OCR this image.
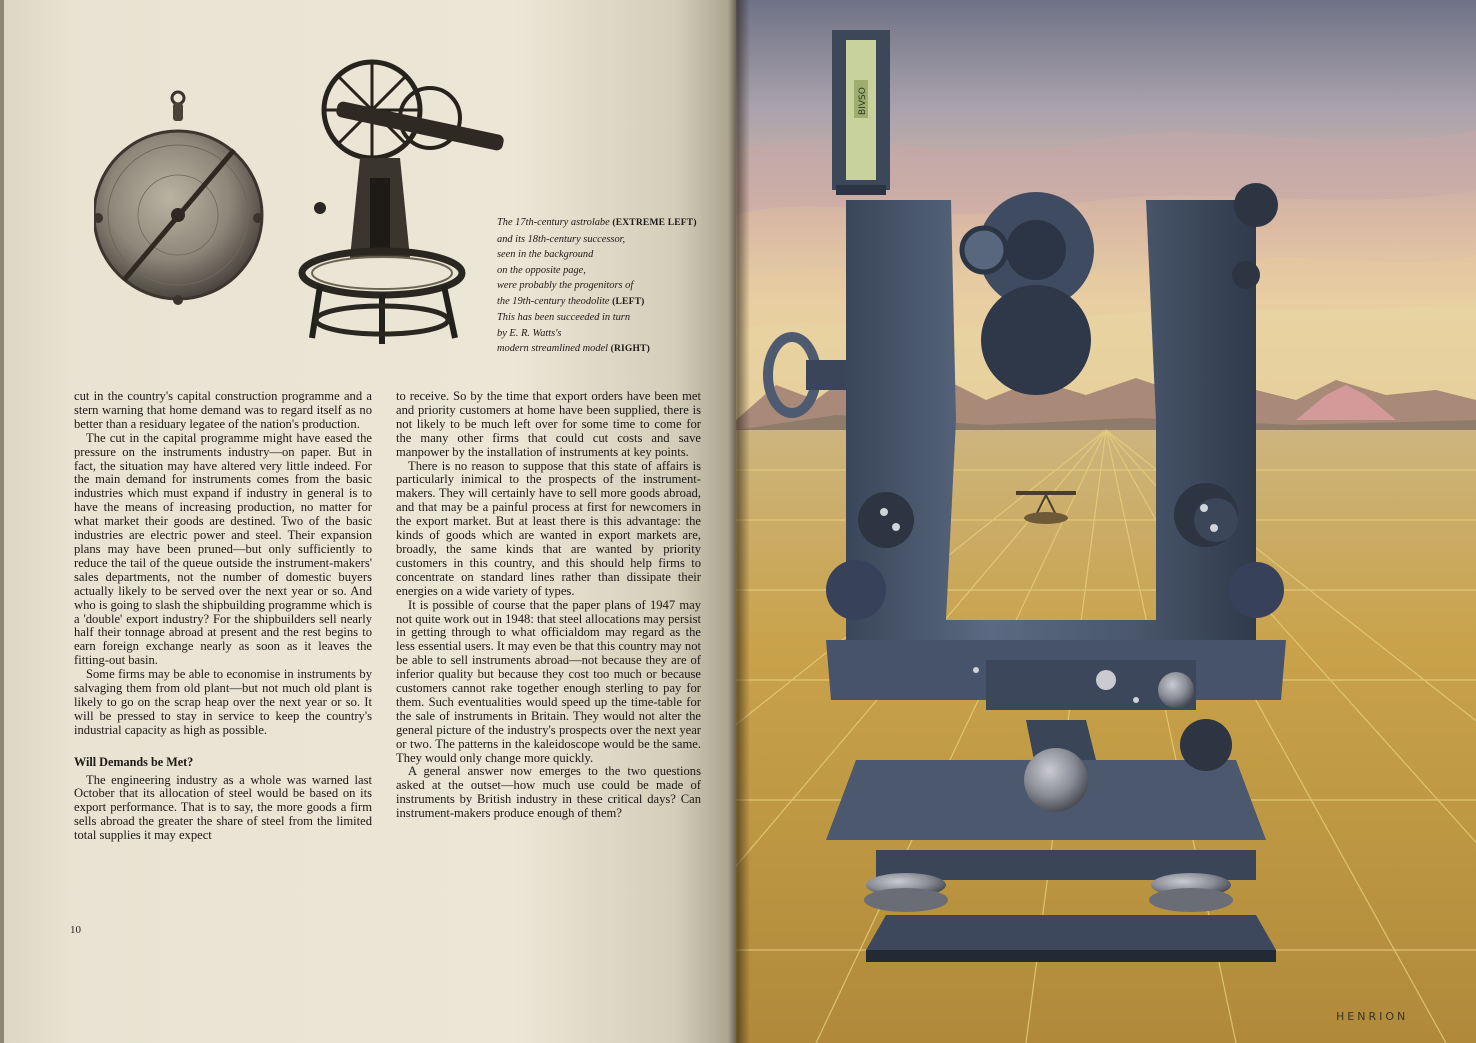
The 17th-century astrolabe (EXTREME LEFT)

and its 18th-century successor,

seen in the background

on the opposite page,

were probably the progenitors of

the 19th-century theodolite (LEFT)

This has been succeeded in turn

by E. R. Watts's

modern streamlined model (RIGHT)

cut in the country's capital construction programme and a stern warning that home demand was to regard itself as no better than a residuary legatee of the nation's production.

The cut in the capital programme might have eased the pressure on the instruments industry—on paper. But in fact, the situation may have altered very little indeed. For the main demand for instruments comes from the basic industries which must expand if industry in general is to have the means of increasing production, no matter for what market their goods are destined. Two of the basic industries are electric power and steel. Their expansion plans may have been pruned—but only sufficiently to reduce the tail of the queue outside the instrument-makers' sales departments, not the number of domestic buyers actually likely to be served over the next year or so. And who is going to slash the shipbuilding programme which is a 'double' export industry? For the shipbuilders sell nearly half their tonnage abroad at present and the rest begins to earn foreign exchange nearly as soon as it leaves the fitting-out basin.

Some firms may be able to economise in instruments by salvaging them from old plant—but not much old plant is likely to go on the scrap heap over the next year or so. It will be pressed to stay in service to keep the country's industrial capacity as high as possible.

Will Demands be Met?

The engineering industry as a whole was warned last October that its allocation of steel would be based on its export performance. That is to say, the more goods a firm sells abroad the greater the share of steel from the limited total supplies it may expect

to receive. So by the time that export orders have been met and priority customers at home have been supplied, there is not likely to be much left over for some time to come for the many other firms that could cut costs and save manpower by the installation of instruments at key points.

There is no reason to suppose that this state of affairs is particularly inimical to the prospects of the instrument-makers. They will certainly have to sell more goods abroad, and that may be a painful process at first for newcomers in the export market. But at least there is this advantage: the kinds of goods which are wanted in export markets are, broadly, the same kinds that are wanted by priority customers in this country, and this should help firms to concentrate on standard lines rather than dissipate their energies on a wide variety of types.

It is possible of course that the paper plans of 1947 may not quite work out in 1948: that steel allocations may persist in getting through to what officialdom may regard as the less essential users. It may even be that this country may not be able to sell instruments abroad—not because they are of inferior quality but because they cost too much or because customers cannot rake together enough sterling to pay for them. Such eventualities would speed up the time-table for the sale of instruments in Britain. They would not alter the general picture of the industry's prospects over the next year or two. The patterns in the kaleidoscope would be the same. They would only change more quickly.

A general answer now emerges to the two questions asked at the outset—how much use could be made of instruments by British industry in these critical days? Can instrument-makers produce enough of them?

10
BIVSO
HENRION
